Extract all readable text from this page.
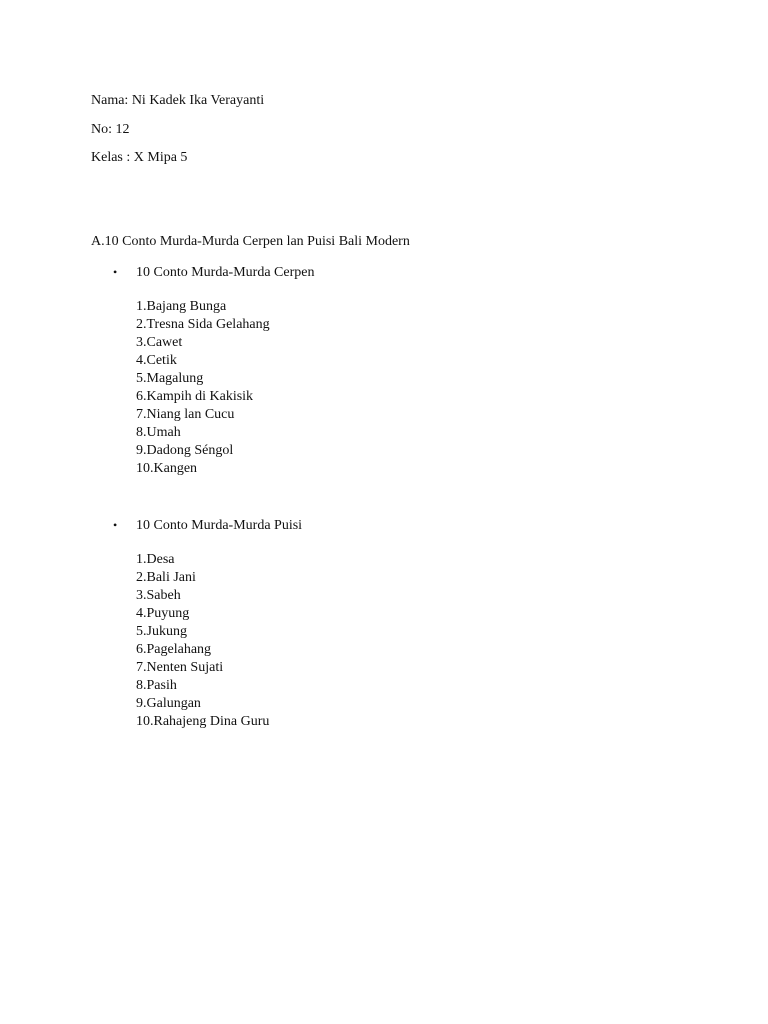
Nama: Ni Kadek Ika Verayanti
No: 12
Kelas : X Mipa 5
A.10 Conto Murda-Murda Cerpen lan Puisi Bali Modern
• 10 Conto Murda-Murda Cerpen
1.Bajang Bunga
2.Tresna Sida Gelahang
3.Cawet
4.Cetik
5.Magalung
6.Kampih di Kakisik
7.Niang lan Cucu
8.Umah
9.Dadong Séngol
10.Kangen
• 10 Conto Murda-Murda Puisi
1.Desa
2.Bali Jani
3.Sabeh
4.Puyung
5.Jukung
6.Pagelahang
7.Nenten Sujati
8.Pasih
9.Galungan
10.Rahajeng Dina Guru
